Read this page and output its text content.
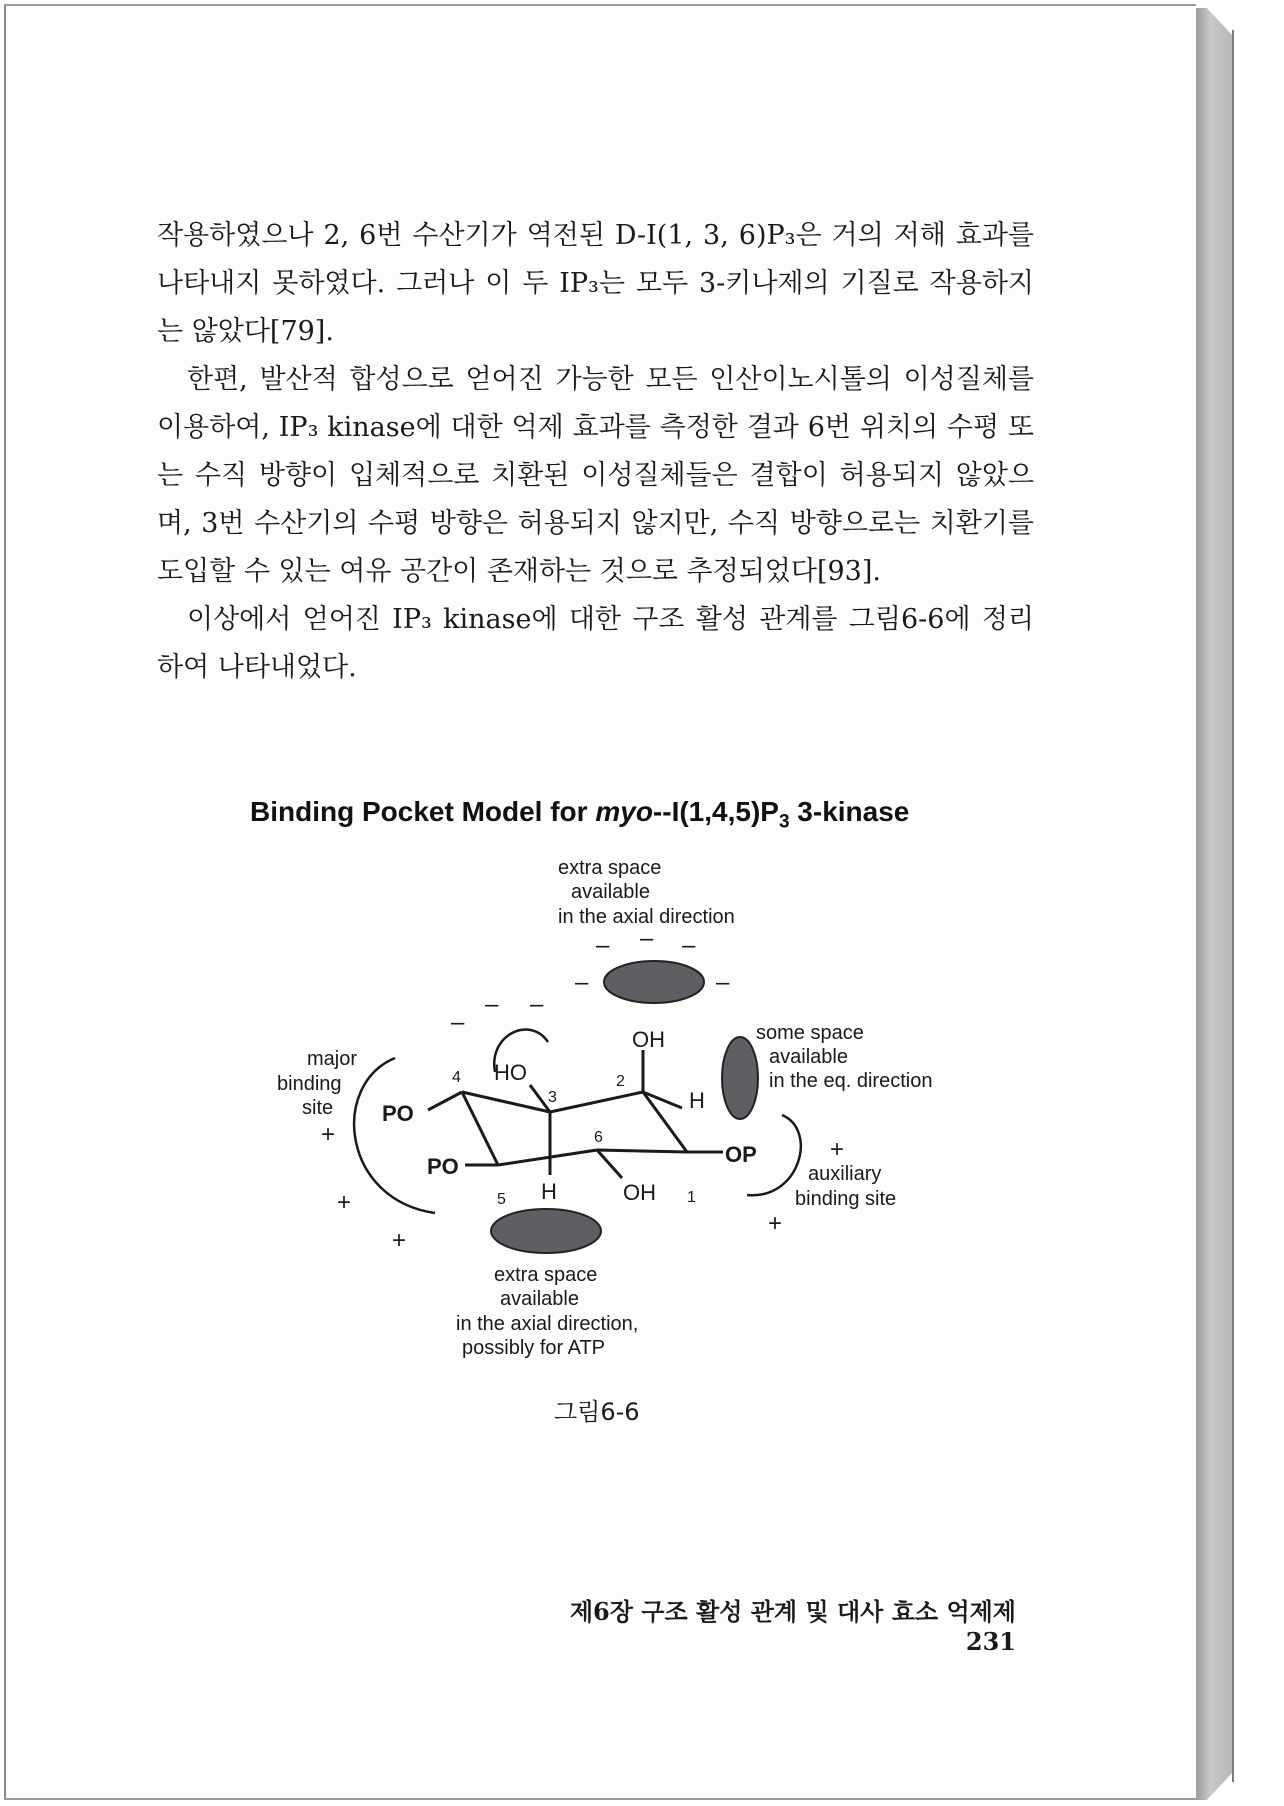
작용하였으나 2, 6번 수산기가 역전된 D-I(1, 3, 6)P₃은 거의 저해 효과를 나타내지 못하였다. 그러나 이 두 IP₃는 모두 3-키나제의 기질로 작용하지는 않았다[79].

한편, 발산적 합성으로 얻어진 가능한 모든 인산이노시톨의 이성질체를 이용하여, IP₃ kinase에 대한 억제 효과를 측정한 결과 6번 위치의 수평 또는 수직 방향이 입체적으로 치환된 이성질체들은 결합이 허용되지 않았으며, 3번 수산기의 수평 방향은 허용되지 않지만, 수직 방향으로는 치환기를 도입할 수 있는 여유 공간이 존재하는 것으로 추정되었다[93].

이상에서 얻어진 IP₃ kinase에 대한 구조 활성 관계를 그림6-6에 정리하여 나타내었다.

Binding Pocket Model for myo-$-I(1,4,5)P_3$ 3-kinase
extra space
available
in the axial direction
– – –
–	–
some space
available
in the eq. direction
major
binding
site
+
+
+
–
– –
auxiliary
binding site
+
+
OH
HO
H
OP
PO
PO
H	OH 1
2
3
4
5
6
extra space
available
in the axial direction,
possibly for ATP
그림6-6
제6장 구조 활성 관계 및 대사 효소 억제제231
